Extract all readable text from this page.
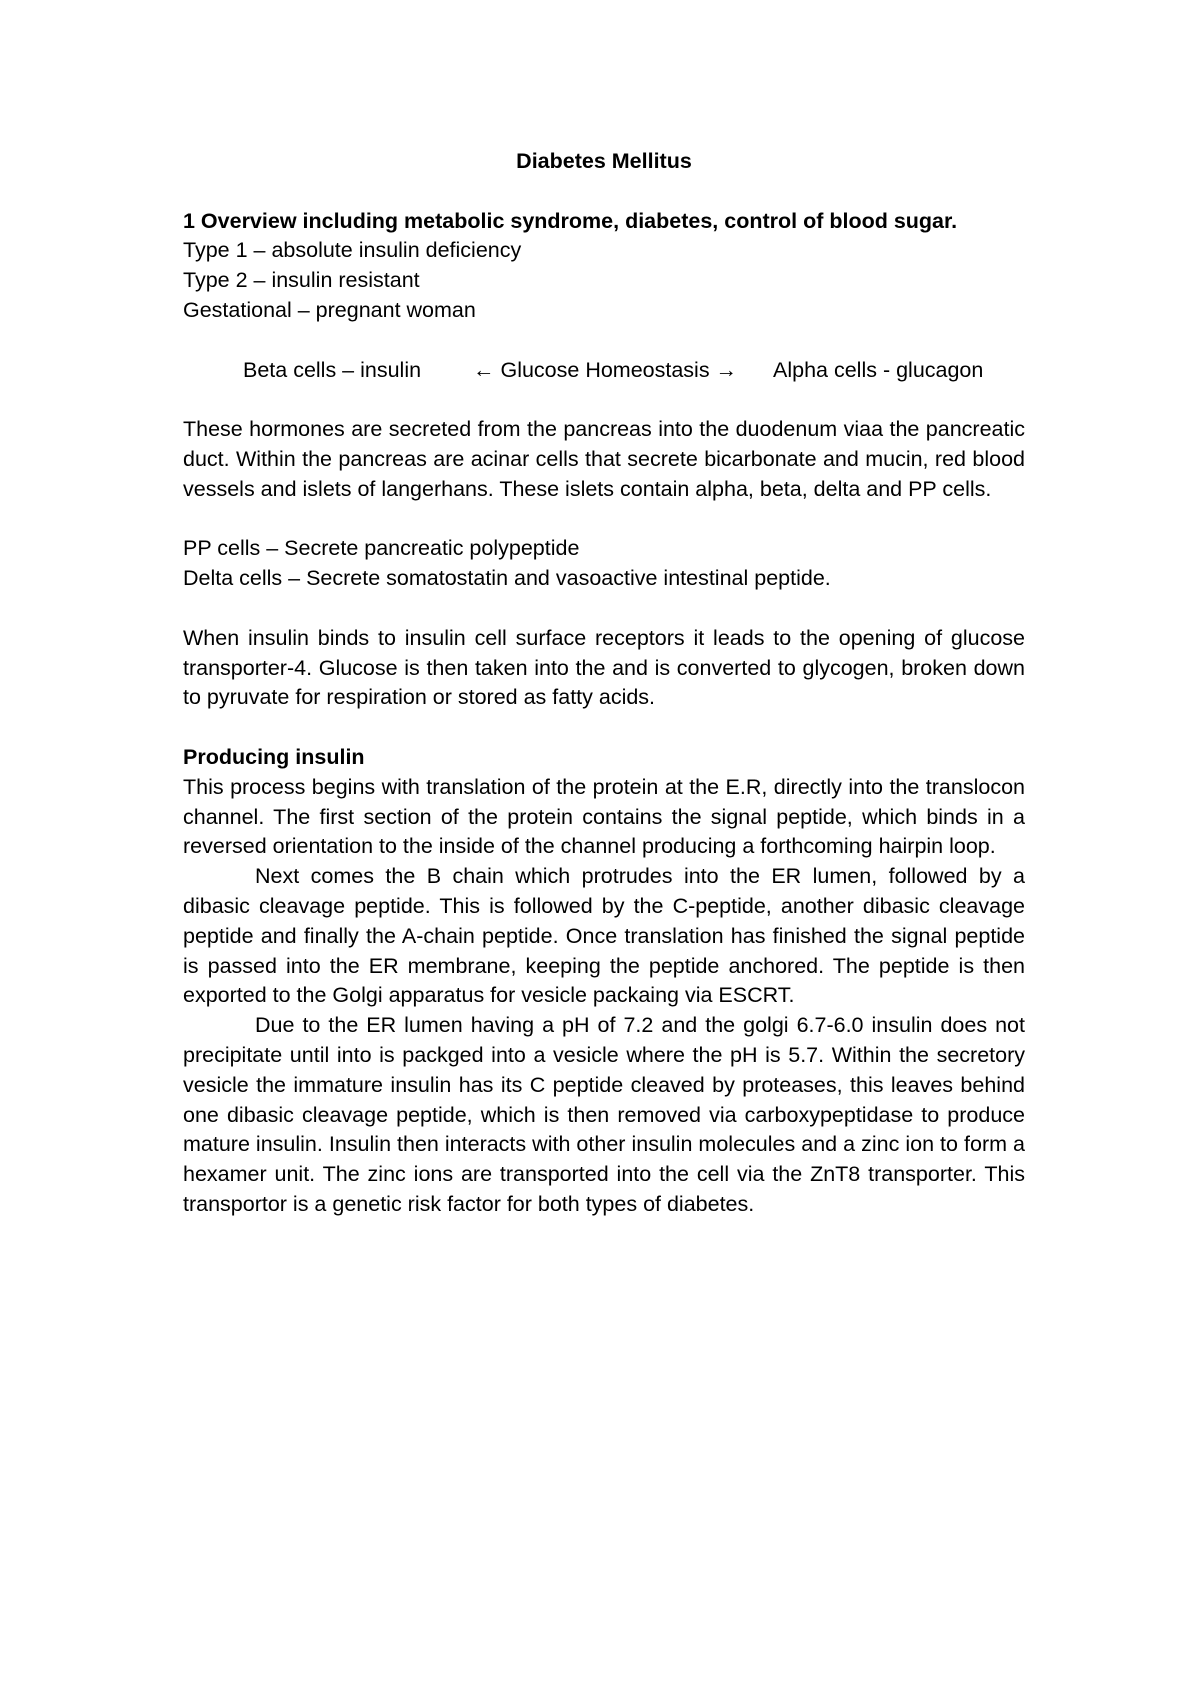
Diabetes Mellitus

1 Overview including metabolic syndrome, diabetes, control of blood sugar.

Type 1 – absolute insulin deficiency

Type 2 – insulin resistant

Gestational – pregnant woman

Beta cells – insulin	← Glucose Homeostasis →	Alpha cells - glucagon

These hormones are secreted from the pancreas into the duodenum viaa the pancreatic duct. Within the pancreas are acinar cells that secrete bicarbonate and mucin, red blood vessels and islets of langerhans. These islets contain alpha, beta, delta and PP cells.

PP cells – Secrete pancreatic polypeptide

Delta cells – Secrete somatostatin and vasoactive intestinal peptide.

When insulin binds to insulin cell surface receptors it leads to the opening of glucose transporter-4. Glucose is then taken into the and is converted to glycogen, broken down to pyruvate for respiration or stored as fatty acids.

Producing insulin

This process begins with translation of the protein at the E.R, directly into the translocon channel. The first section of the protein contains the signal peptide, which binds in a reversed orientation to the inside of the channel producing a forthcoming hairpin loop.

Next comes the B chain which protrudes into the ER lumen, followed by a dibasic cleavage peptide. This is followed by the C-peptide, another dibasic cleavage peptide and finally the A-chain peptide. Once translation has finished the signal peptide is passed into the ER membrane, keeping the peptide anchored. The peptide is then exported to the Golgi apparatus for vesicle packaing via ESCRT.

Due to the ER lumen having a pH of 7.2 and the golgi 6.7-6.0 insulin does not precipitate until into is packged into a vesicle where the pH is 5.7. Within the secretory vesicle the immature insulin has its C peptide cleaved by proteases, this leaves behind one dibasic cleavage peptide, which is then removed via carboxypeptidase to produce mature insulin. Insulin then interacts with other insulin molecules and a zinc ion to form a hexamer unit. The zinc ions are transported into the cell via the ZnT8 transporter. This transportor is a genetic risk factor for both types of diabetes.
